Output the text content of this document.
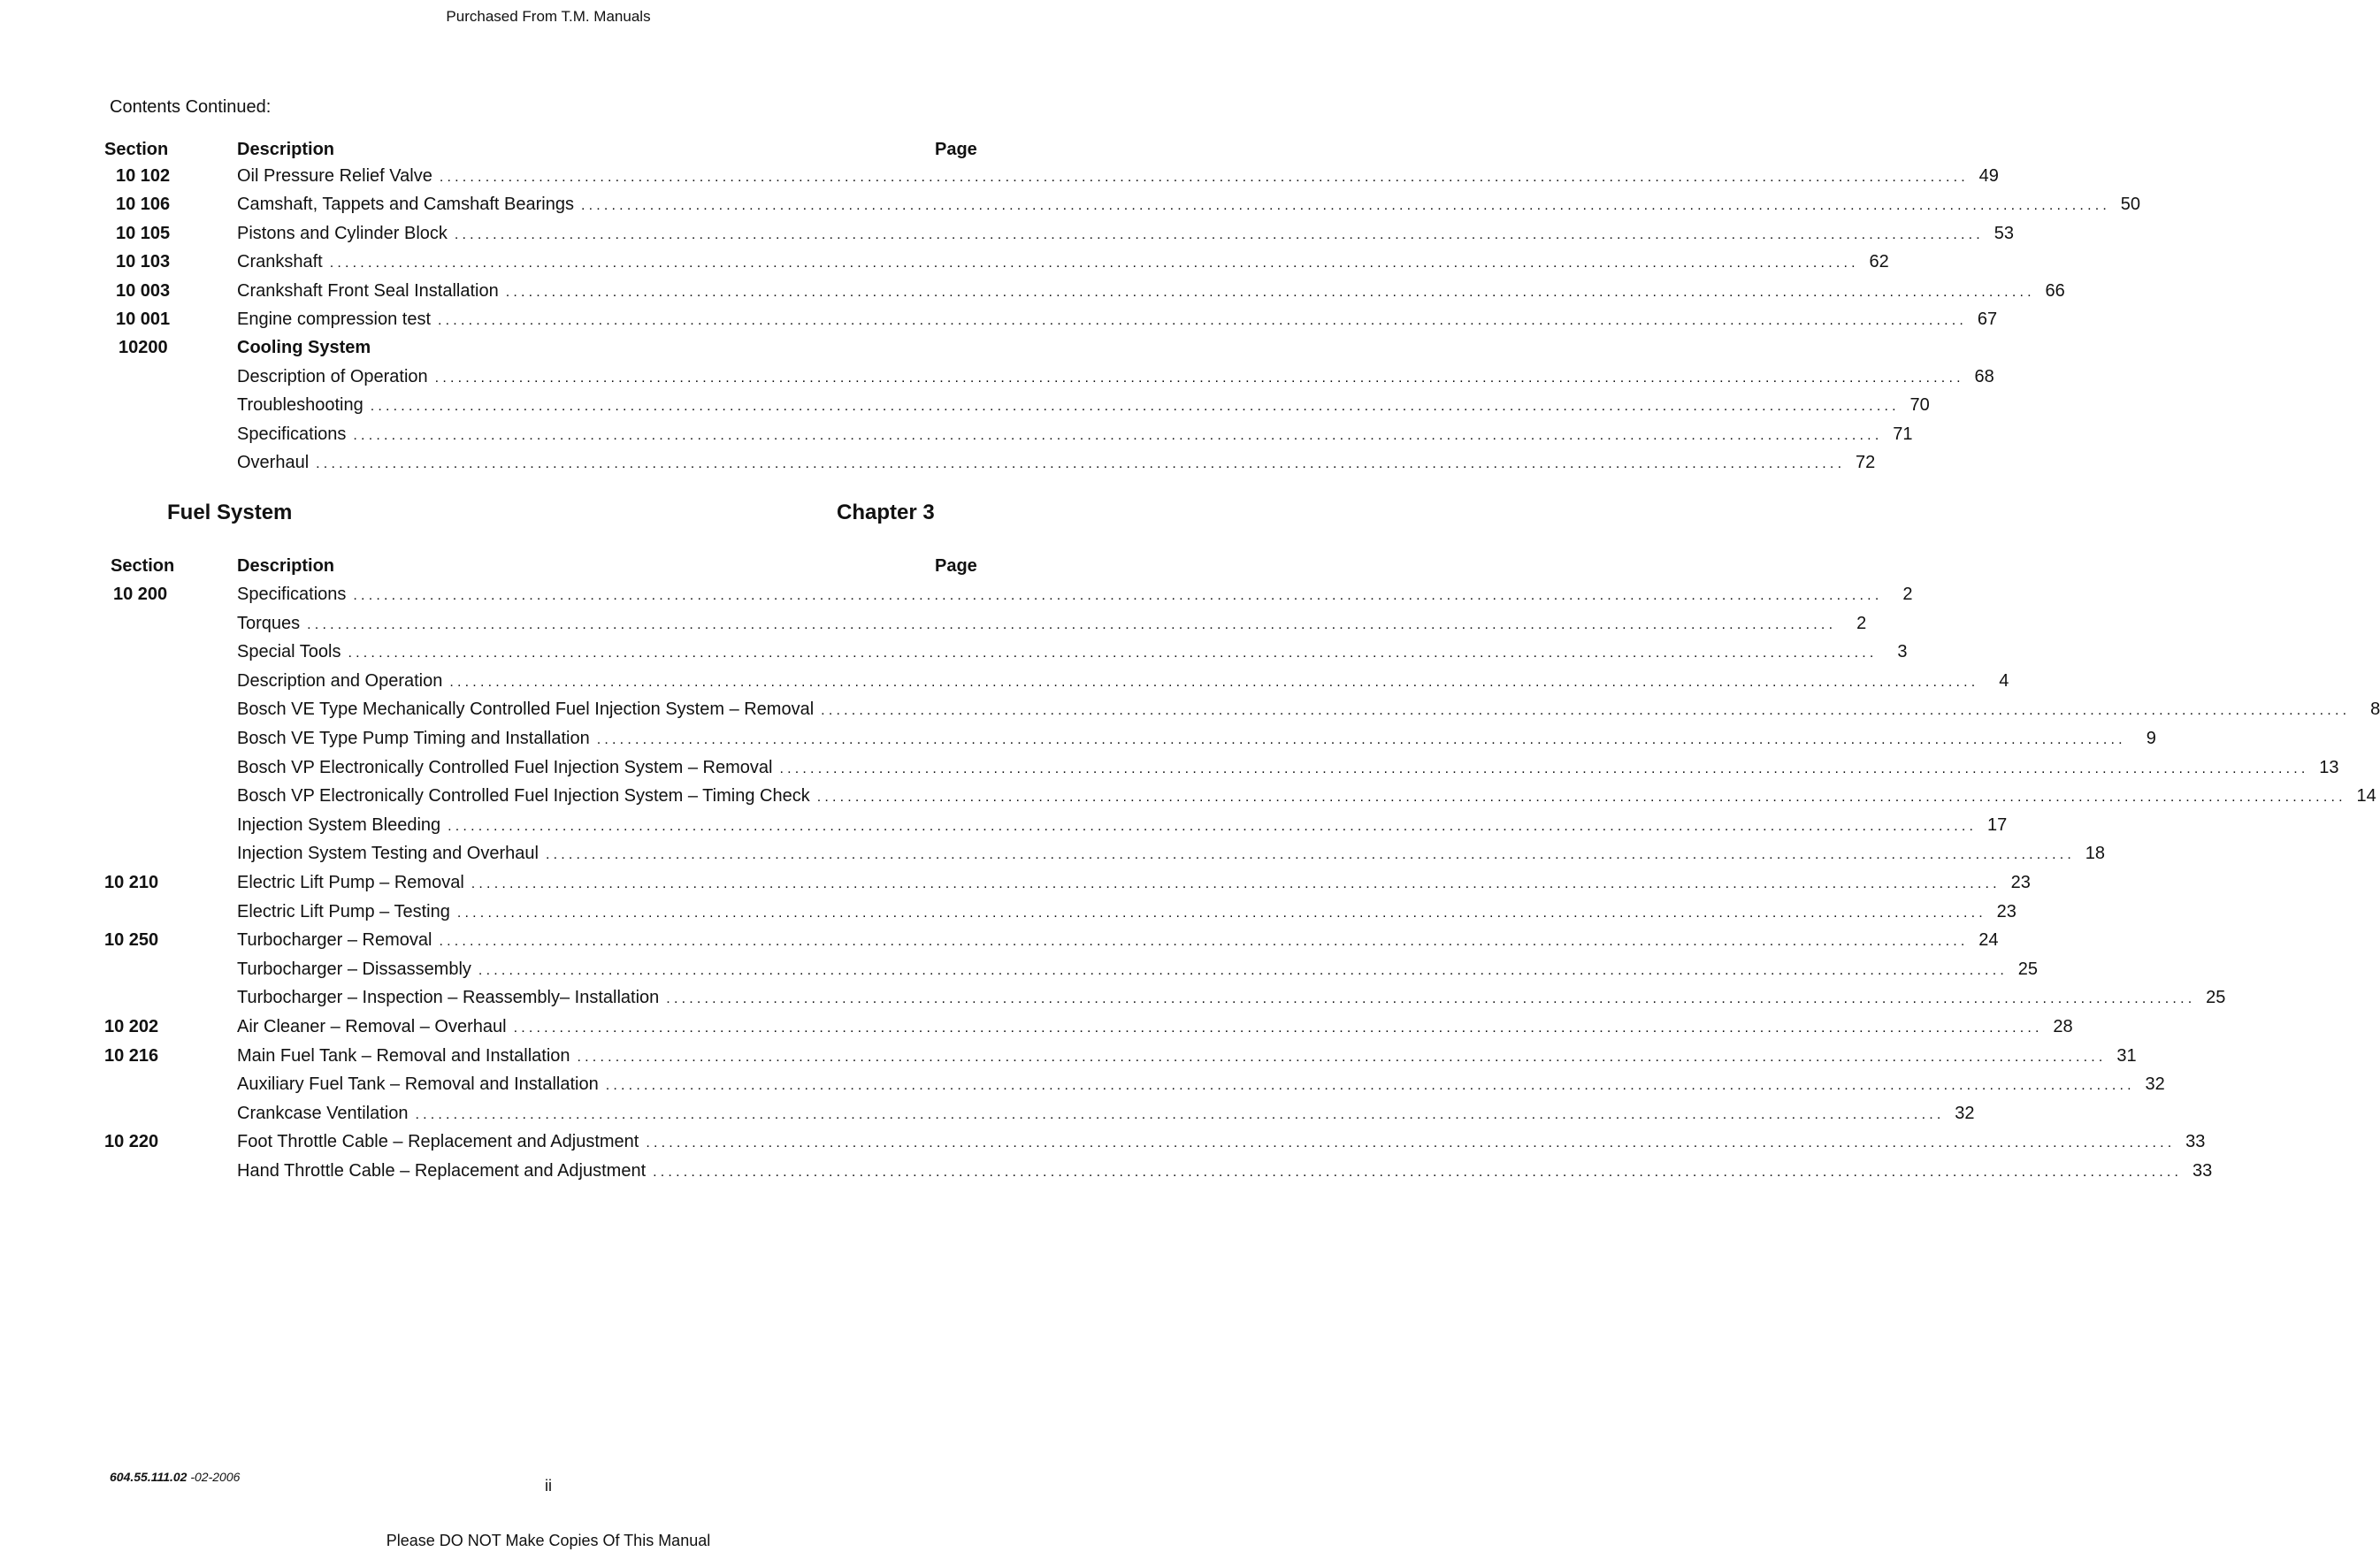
Purchased From T.M. Manuals
Contents Continued:
Section	Description	Page
10 102	Oil Pressure Relief Valve ........................................................................................................................................................................................................ 49
10 106	Camshaft, Tappets and Camshaft Bearings ........................................................................................................................................................................................................ 50
10 105	Pistons and Cylinder Block ........................................................................................................................................................................................................ 53
10 103	Crankshaft ........................................................................................................................................................................................................ 62
10 003	Crankshaft Front Seal Installation ........................................................................................................................................................................................................ 66
10 001	Engine compression test ........................................................................................................................................................................................................ 67
10200	Cooling System
Description of Operation ........................................................................................................................................................................................................ 68
Troubleshooting ........................................................................................................................................................................................................ 70
Specifications ........................................................................................................................................................................................................ 71
Overhaul ........................................................................................................................................................................................................ 72
Fuel System	Chapter 3
Section	Description	Page
10 200	Specifications ........................................................................................................................................................................................................	2
Torques ........................................................................................................................................................................................................	2
Special Tools ........................................................................................................................................................................................................	3
Description and Operation ........................................................................................................................................................................................................	4
Bosch VE Type Mechanically Controlled Fuel Injection System – Removal ........................................................................................................................................................................................................	8
Bosch VE Type Pump Timing and Installation ........................................................................................................................................................................................................	9
Bosch VP Electronically Controlled Fuel Injection System – Removal ........................................................................................................................................................................................................ 13
Bosch VP Electronically Controlled Fuel Injection System – Timing Check ........................................................................................................................................................................................................ 14
Injection System Bleeding ........................................................................................................................................................................................................ 17
Injection System Testing and Overhaul ........................................................................................................................................................................................................ 18
10 210	Electric Lift Pump – Removal ........................................................................................................................................................................................................ 23
Electric Lift Pump – Testing ........................................................................................................................................................................................................ 23
10 250	Turbocharger – Removal ........................................................................................................................................................................................................ 24
Turbocharger – Dissassembly ........................................................................................................................................................................................................ 25
Turbocharger – Inspection – Reassembly– Installation ........................................................................................................................................................................................................ 25
10 202	Air Cleaner – Removal – Overhaul ........................................................................................................................................................................................................ 28
10 216	Main Fuel Tank – Removal and Installation ........................................................................................................................................................................................................ 31
Auxiliary Fuel Tank – Removal and Installation ........................................................................................................................................................................................................ 32
Crankcase Ventilation ........................................................................................................................................................................................................ 32
10 220	Foot Throttle Cable – Replacement and Adjustment ........................................................................................................................................................................................................ 33
Hand Throttle Cable – Replacement and Adjustment ........................................................................................................................................................................................................ 33
604.55.111.02 -02-2006	ii
Please DO NOT Make Copies Of This Manual
